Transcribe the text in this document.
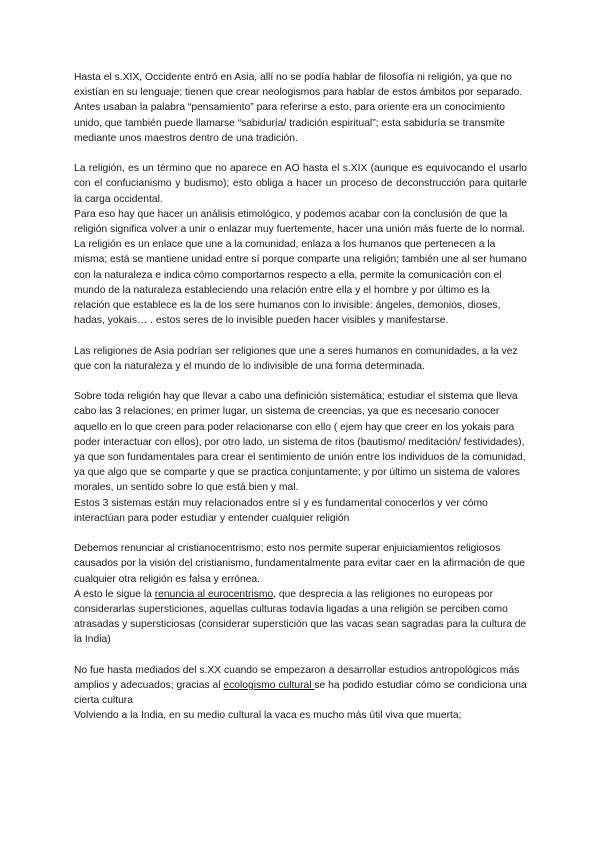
Hasta el s.XIX, Occidente entró en Asia, allí no se podía hablar de filosofía ni religión, ya que no existían en su lenguaje; tienen que crear neologismos para hablar de estos ámbitos por separado.

Antes usaban la palabra “pensamiento” para referirse a esto, para oriente era un conocimiento unido, que también puede llamarse “sabiduría/ tradición espiritual”; esta sabiduría se transmite mediante unos maestros dentro de una tradición.

La religión, es un término que no aparece en AO hasta el s.XIX (aunque es equivocando el usarlo con el confucianismo y budismo); esto obliga a hacer un proceso de deconstrucción para quitarle la carga occidental.

Para eso hay que hacer un análisis etimológico, y podemos acabar con la conclusión de que la religión significa volver a unir o enlazar muy fuertemente, hacer una unión más fuerte de lo normal.

La religión es un enlace que une a la comunidad, enlaza a los humanos que pertenecen a la misma; está se mantiene unidad entre sí porque comparte una religión; también une al ser humano con la naturaleza e indica cómo comportarnos respecto a ella, permite la comunicación con el mundo de la naturaleza estableciendo una relación entre ella y el hombre y por último es la relación que establece es la de los sere humanos con lo invisible: ángeles, demonios, dioses, hadas, yokais… . estos seres de lo invisible pueden hacer visibles y manifestarse.

Las religiones de Asia podrían ser religiones que une a seres humanos en comunidades, a la vez que con la naturaleza y el mundo de lo indivisible de una forma determinada.

Sobre toda religión hay que llevar a cabo una definición sistemática; estudiar el sistema que lleva cabo las 3 relaciones; en primer lugar, un sistema de creencias, ya que es necesario conocer aquello en lo que creen para poder relacionarse con ello ( ejem hay que creer en los yokais para poder interactuar con ellos), por otro lado, un sistema de ritos (bautismo/ meditación/ festividades), ya que son fundamentales para crear el sentimiento de unión entre los individuos de la comunidad, ya que algo que se comparte y que se practica conjuntamente; y por último un sistema de valores morales, un sentido sobre lo que está bien y mal.

Estos 3 sistemas están muy relacionados entre sí y es fundamental conocerlos y ver cómo interactúan para poder estudiar y entender cualquier religión

Debemos renunciar al cristianocentrismo; esto nos permite superar enjuiciamientos religiosos causados por la visión del cristianismo, fundamentalmente para evitar caer en la afirmación de que cualquier otra religión es falsa y errónea.

A esto le sigue la renuncia al eurocentrismo, que desprecia a las religiones no europeas por considerarlas supersticiones, aquellas culturas todavía ligadas a una religión se perciben como atrasadas y supersticiosas (considerar superstición que las vacas sean sagradas para la cultura de la India)

No fue hasta mediados del s.XX cuando se empezaron a desarrollar estudios antropológicos más amplios y adecuados; gracias al ecologismo cultural se ha podido estudiar cómo se condiciona una cierta cultura

Volviendo a la India, en su medio cultural la vaca es mucho más útil viva que muerta;
